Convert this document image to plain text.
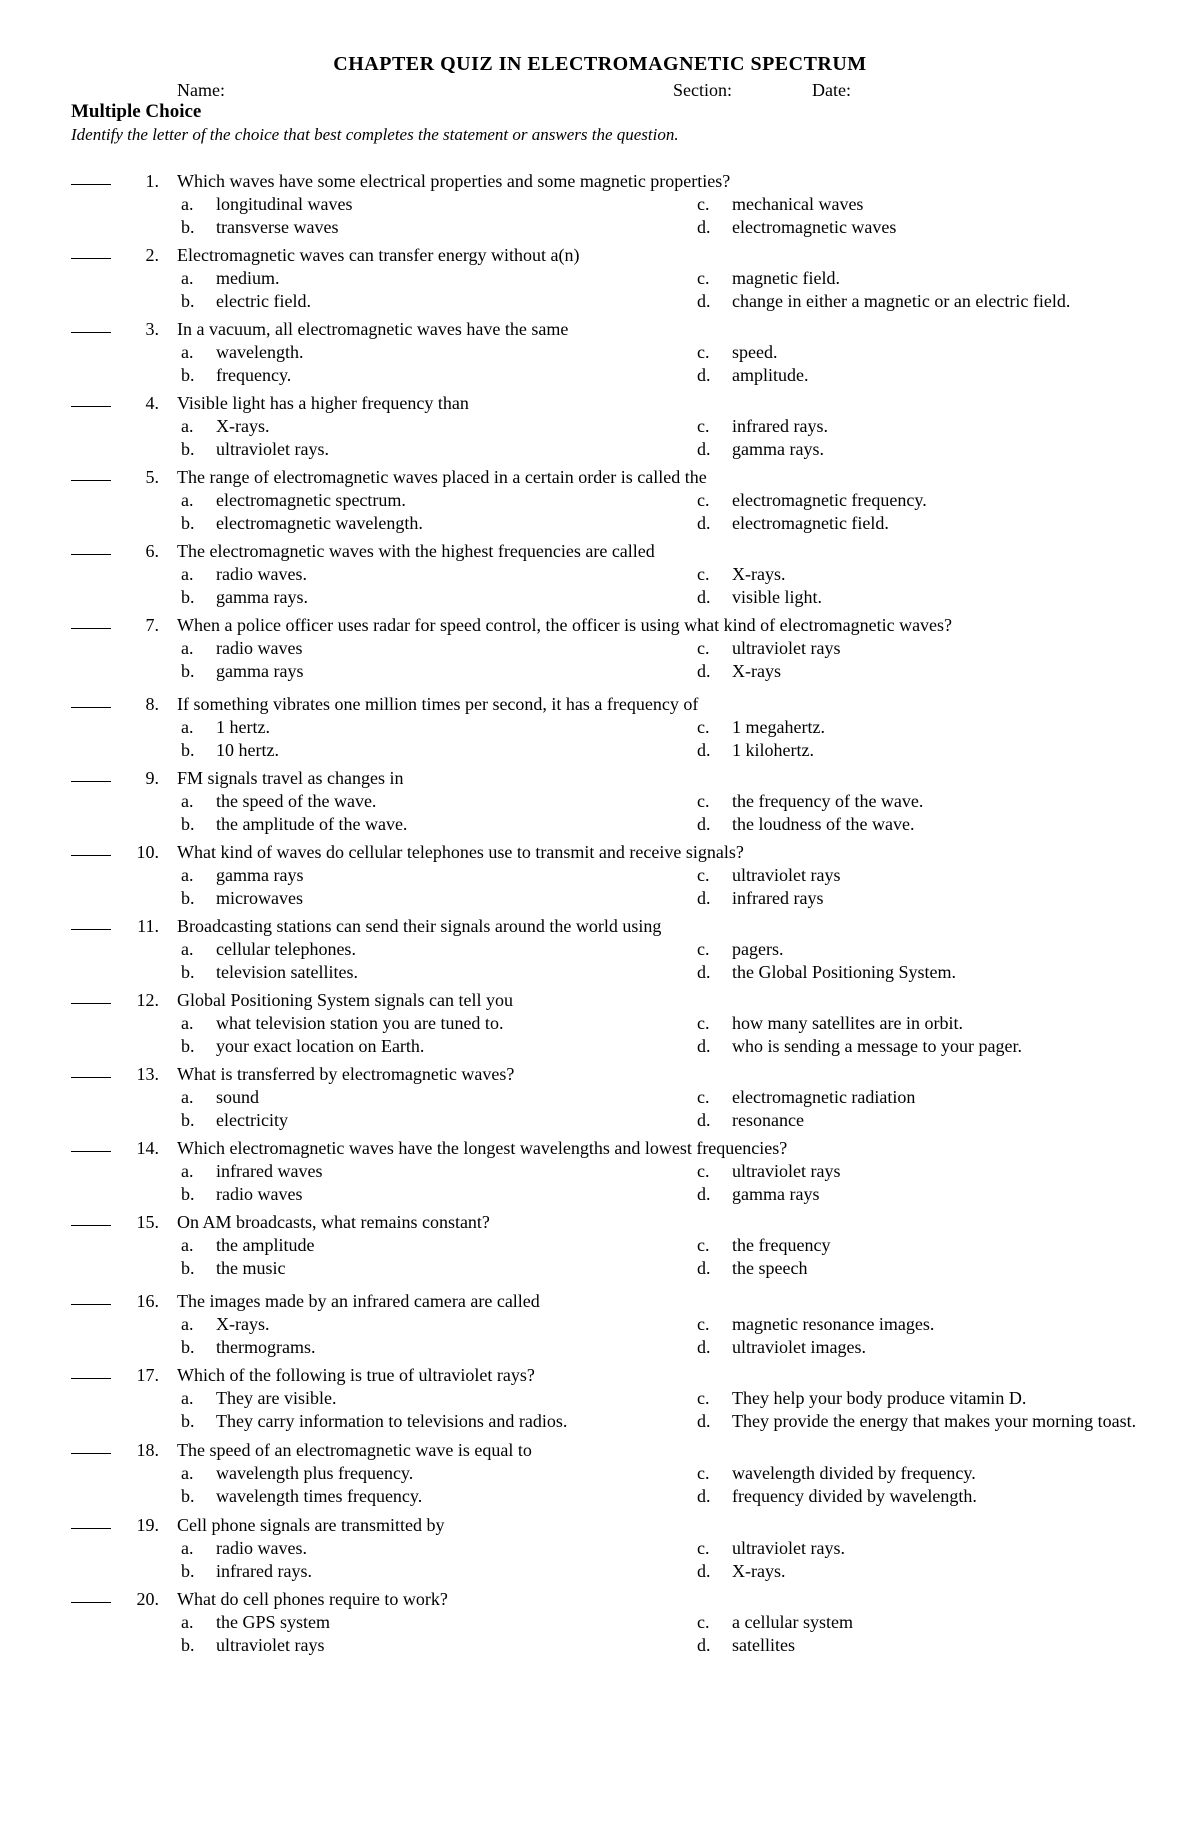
CHAPTER QUIZ IN ELECTROMAGNETIC SPECTRUM
Name:	Section:	Date:
Multiple Choice
Identify the letter of the choice that best completes the statement or answers the question.
1. Which waves have some electrical properties and some magnetic properties?
a. longitudinal waves	c. mechanical waves
b. transverse waves	d. electromagnetic waves
2. Electromagnetic waves can transfer energy without a(n)
a. medium.	c. magnetic field.
b. electric field.	d. change in either a magnetic or an electric field.
3. In a vacuum, all electromagnetic waves have the same
a. wavelength.	c. speed.
b. frequency.	d. amplitude.
4. Visible light has a higher frequency than
a. X-rays.	c. infrared rays.
b. ultraviolet rays.	d. gamma rays.
5. The range of electromagnetic waves placed in a certain order is called the
a. electromagnetic spectrum.	c. electromagnetic frequency.
b. electromagnetic wavelength.	d. electromagnetic field.
6. The electromagnetic waves with the highest frequencies are called
a. radio waves.	c. X-rays.
b. gamma rays.	d. visible light.
7. When a police officer uses radar for speed control, the officer is using what kind of electromagnetic waves?
a. radio waves	c. ultraviolet rays
b. gamma rays	d. X-rays
8. If something vibrates one million times per second, it has a frequency of
a. 1 hertz.	c. 1 megahertz.
b. 10 hertz.	d. 1 kilohertz.
9. FM signals travel as changes in
a. the speed of the wave.	c. the frequency of the wave.
b. the amplitude of the wave.	d. the loudness of the wave.
10. What kind of waves do cellular telephones use to transmit and receive signals?
a. gamma rays	c. ultraviolet rays
b. microwaves	d. infrared rays
11. Broadcasting stations can send their signals around the world using
a. cellular telephones.	c. pagers.
b. television satellites.	d. the Global Positioning System.
12. Global Positioning System signals can tell you
a. what television station you are tuned to.	c. how many satellites are in orbit.
b. your exact location on Earth.	d. who is sending a message to your pager.
13. What is transferred by electromagnetic waves?
a. sound	c. electromagnetic radiation
b. electricity	d. resonance
14. Which electromagnetic waves have the longest wavelengths and lowest frequencies?
a. infrared waves	c. ultraviolet rays
b. radio waves	d. gamma rays
15. On AM broadcasts, what remains constant?
a. the amplitude	c. the frequency
b. the music	d. the speech
16. The images made by an infrared camera are called
a. X-rays.	c. magnetic resonance images.
b. thermograms.	d. ultraviolet images.
17. Which of the following is true of ultraviolet rays?
a. They are visible.	c. They help your body produce vitamin D.
b. They carry information to televisions and radios.	d. They provide the energy that makes your morning toast.
18. The speed of an electromagnetic wave is equal to
a. wavelength plus frequency.	c. wavelength divided by frequency.
b. wavelength times frequency.	d. frequency divided by wavelength.
19. Cell phone signals are transmitted by
a. radio waves.	c. ultraviolet rays.
b. infrared rays.	d. X-rays.
20. What do cell phones require to work?
a. the GPS system	c. a cellular system
b. ultraviolet rays	d. satellites
